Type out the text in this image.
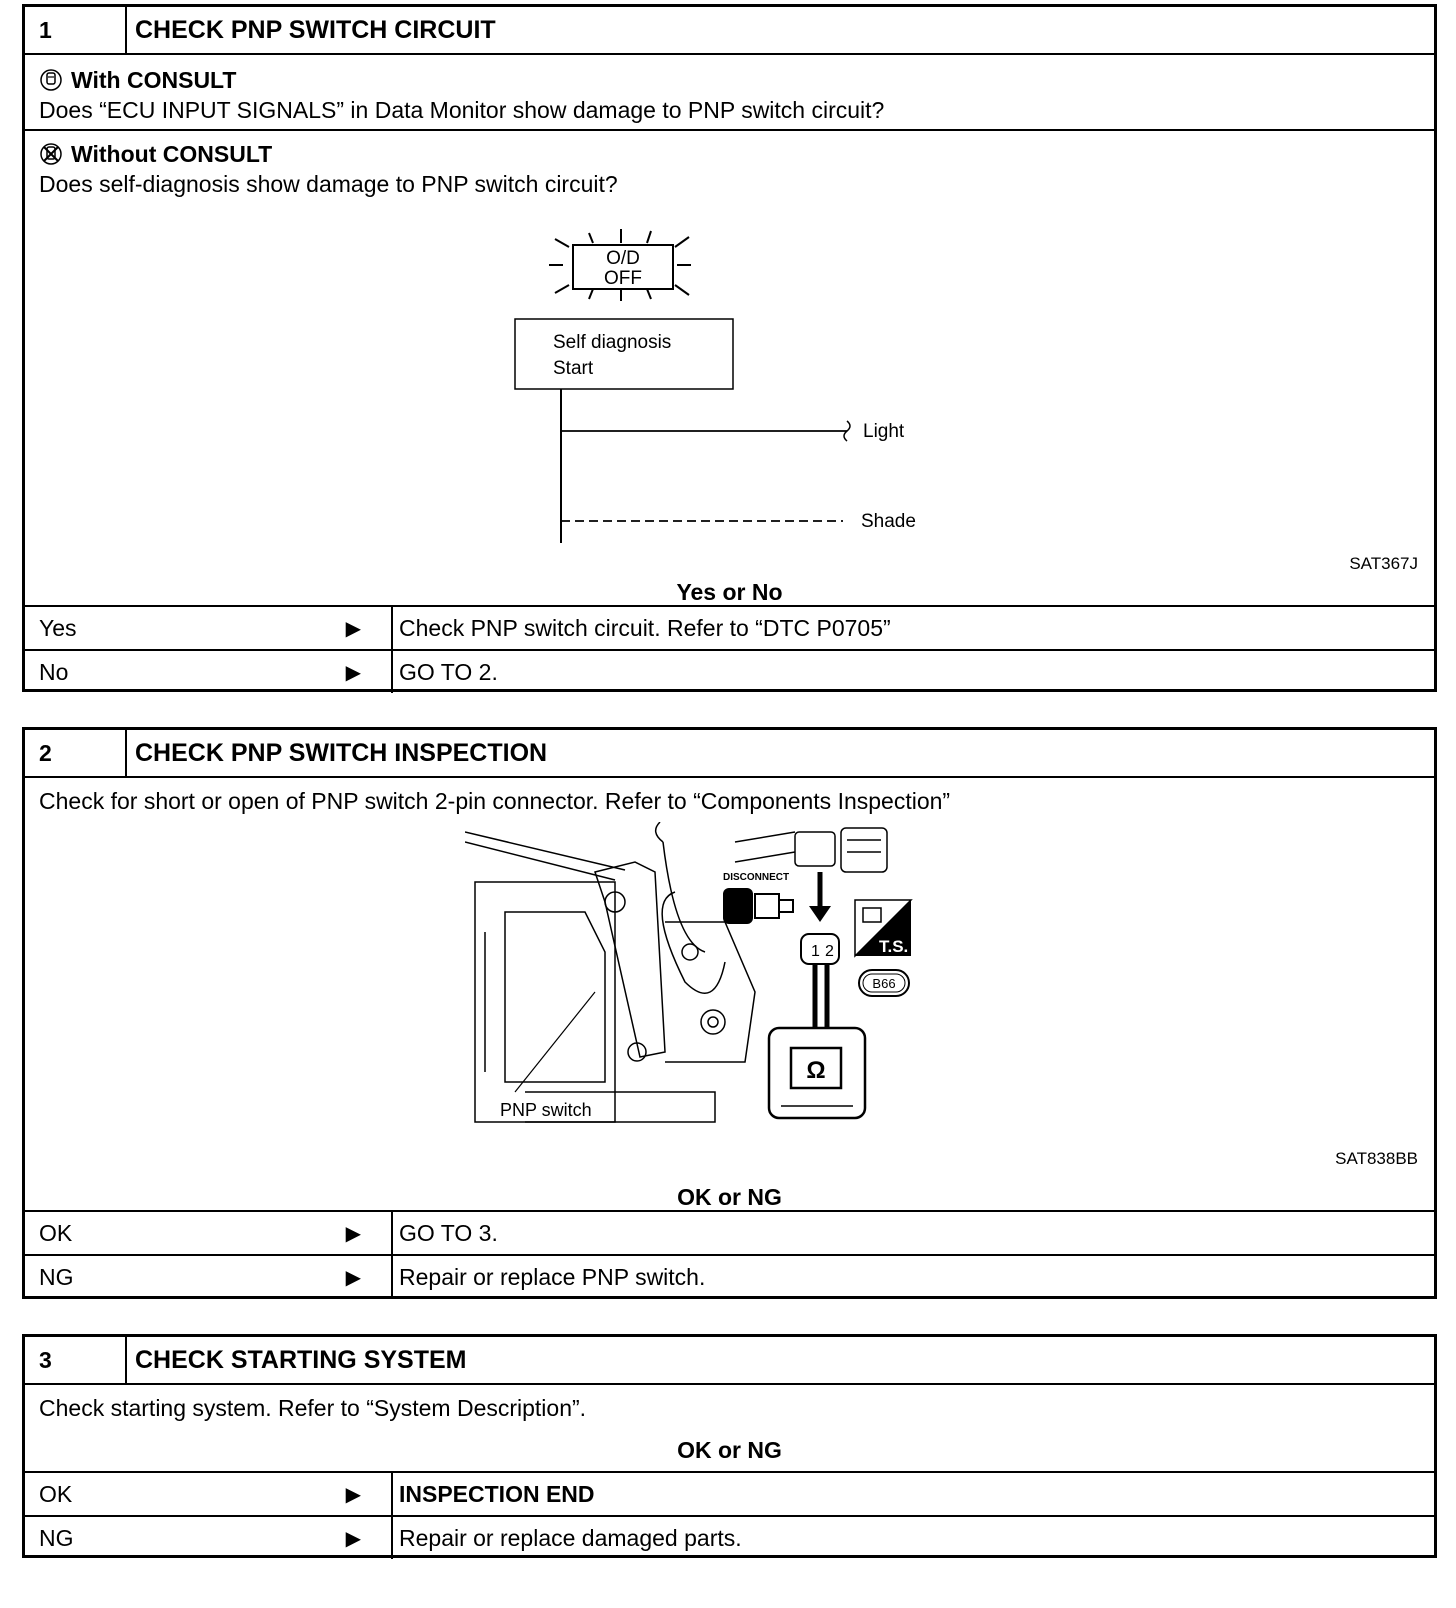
1	CHECK PNP SWITCH CIRCUIT
With CONSULT
Does “ECU INPUT SIGNALS” in Data Monitor show damage to PNP switch circuit?
Without CONSULT
Does self-diagnosis show damage to PNP switch circuit?
O/D
OFF
Self diagnosis
Start
Light
Shade
SAT367J
Yes or No
Yes	▶ Check PNP switch circuit. Refer to “DTC P0705”
No	▶ GO TO 2.
2	CHECK PNP SWITCH INSPECTION
Check for short or open of PNP switch 2-pin connector. Refer to “Components Inspection”
PNP switch
DISCONNECT
1 2	T.S.
B66
Ω
SAT838BB
OK or NG
OK	▶ GO TO 3.
NG	▶ Repair or replace PNP switch.
3	CHECK STARTING SYSTEM
Check starting system. Refer to “System Description”.
OK or NG
OK	▶ INSPECTION END
NG	▶ Repair or replace damaged parts.
